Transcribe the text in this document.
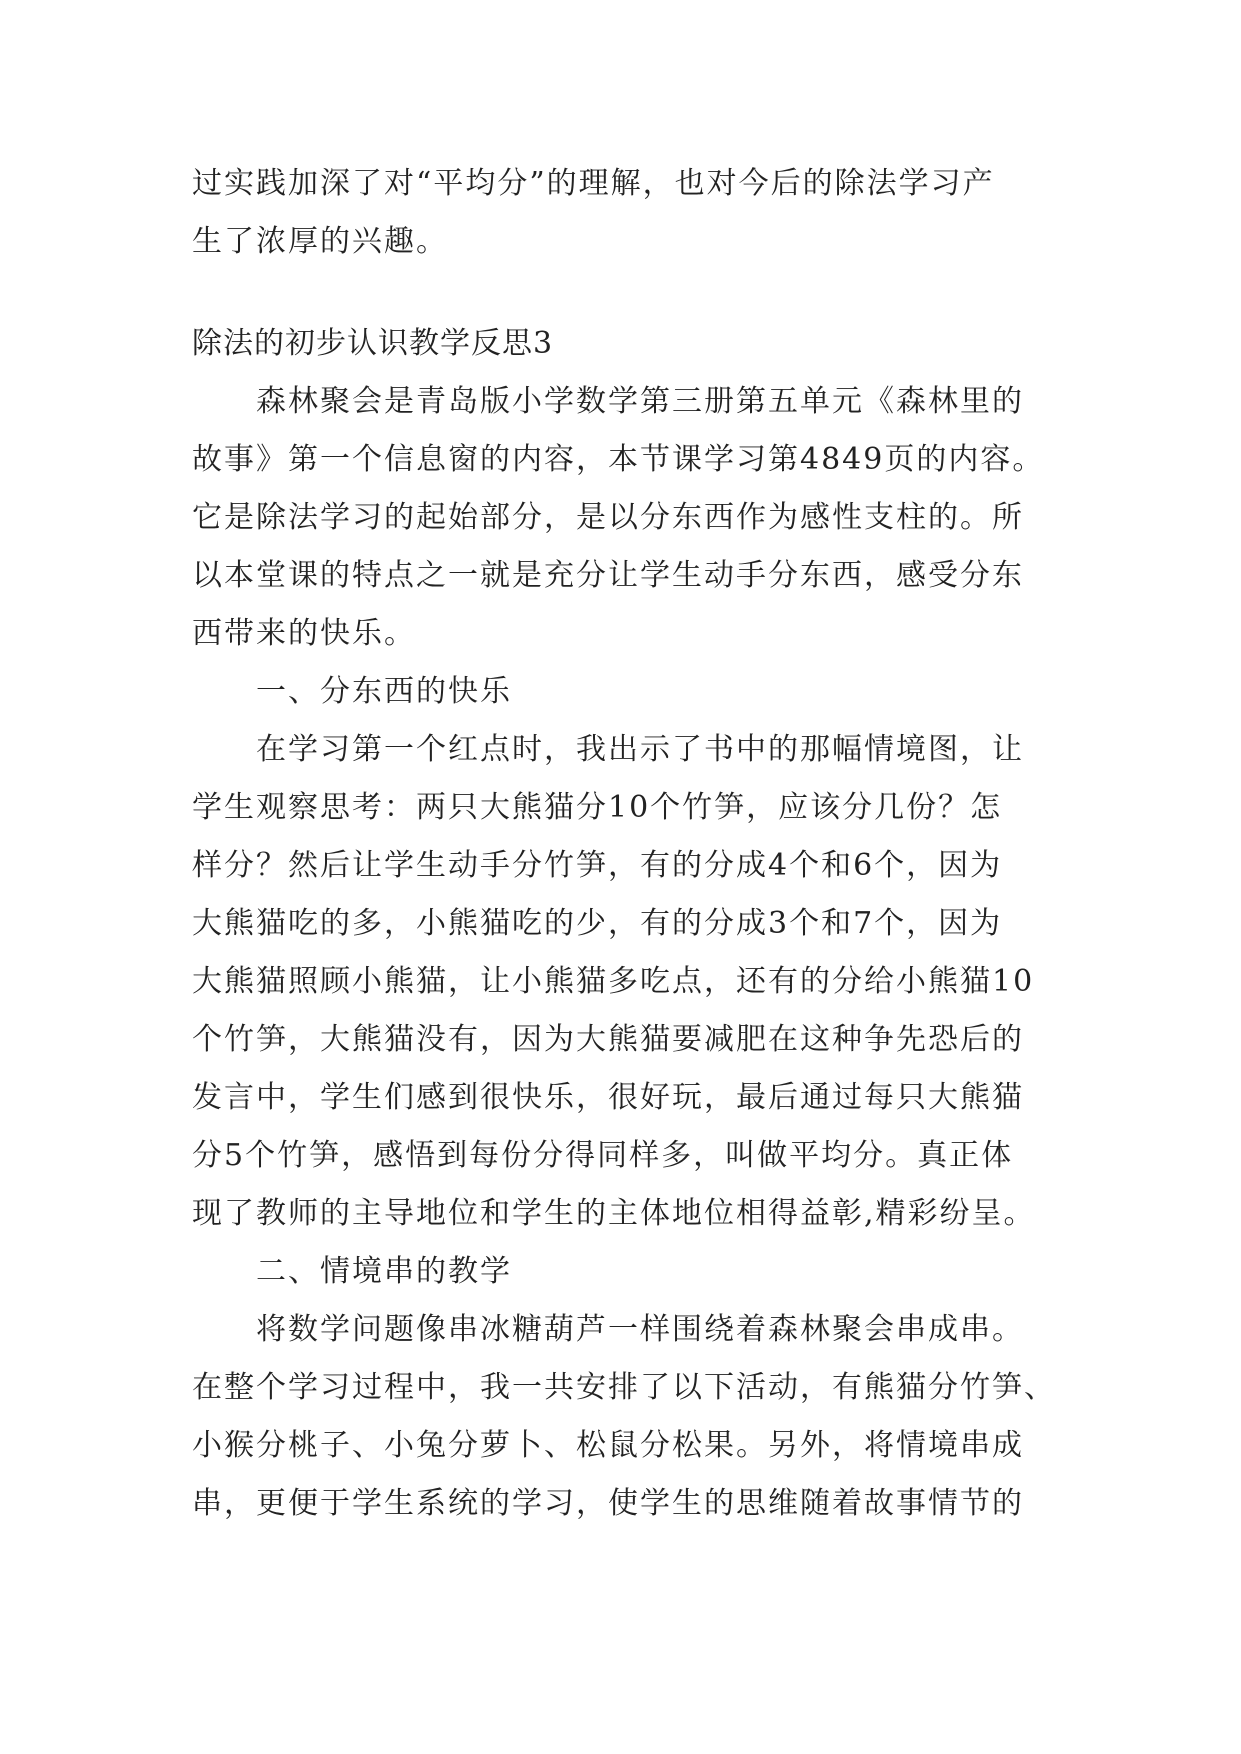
过实践加深了对“平均分”的理解，也对今后的除法学习产
生了浓厚的兴趣。
除法的初步认识教学反思3
森林聚会是青岛版小学数学第三册第五单元《森林里的
故事》第一个信息窗的内容，本节课学习第4849页的内容。
它是除法学习的起始部分，是以分东西作为感性支柱的。所
以本堂课的特点之一就是充分让学生动手分东西，感受分东
西带来的快乐。
一、分东西的快乐
在学习第一个红点时，我出示了书中的那幅情境图，让
学生观察思考：两只大熊猫分10个竹笋，应该分几份？怎
样分？然后让学生动手分竹笋，有的分成4个和6个，因为
大熊猫吃的多，小熊猫吃的少，有的分成3个和7个，因为
大熊猫照顾小熊猫，让小熊猫多吃点，还有的分给小熊猫10
个竹笋，大熊猫没有，因为大熊猫要减肥在这种争先恐后的
发言中，学生们感到很快乐，很好玩，最后通过每只大熊猫
分5个竹笋，感悟到每份分得同样多，叫做平均分。真正体
现了教师的主导地位和学生的主体地位相得益彰,精彩纷呈。
二、情境串的教学
将数学问题像串冰糖葫芦一样围绕着森林聚会串成串。
在整个学习过程中，我一共安排了以下活动，有熊猫分竹笋、
小猴分桃子、小兔分萝卜、松鼠分松果。另外，将情境串成
串，更便于学生系统的学习，使学生的思维随着故事情节的
